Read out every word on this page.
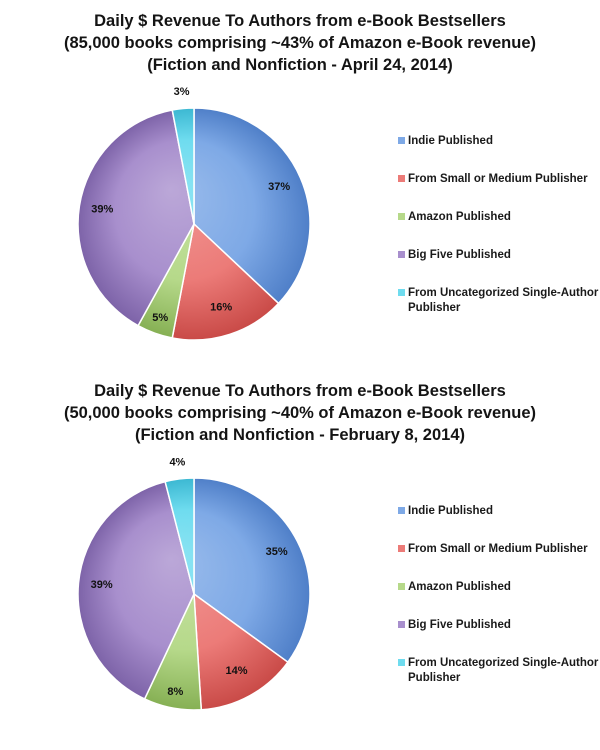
Daily $ Revenue To Authors from e-Book Bestsellers
(85,000 books comprising ~43% of Amazon e-Book revenue)
(Fiction and Nonfiction - April 24, 2014)
37%
16%
5%
39%
3%
Indie Published
From Small or Medium Publisher
Amazon Published
Big Five Published
From Uncategorized Single-Author Publisher
Daily $ Revenue To Authors from e-Book Bestsellers
(50,000 books comprising ~40% of Amazon e-Book revenue)
(Fiction and Nonfiction - February 8, 2014)
35%
14%
8%
39%
4%
Indie Published
From Small or Medium Publisher
Amazon Published
Big Five Published
From Uncategorized Single-Author Publisher
